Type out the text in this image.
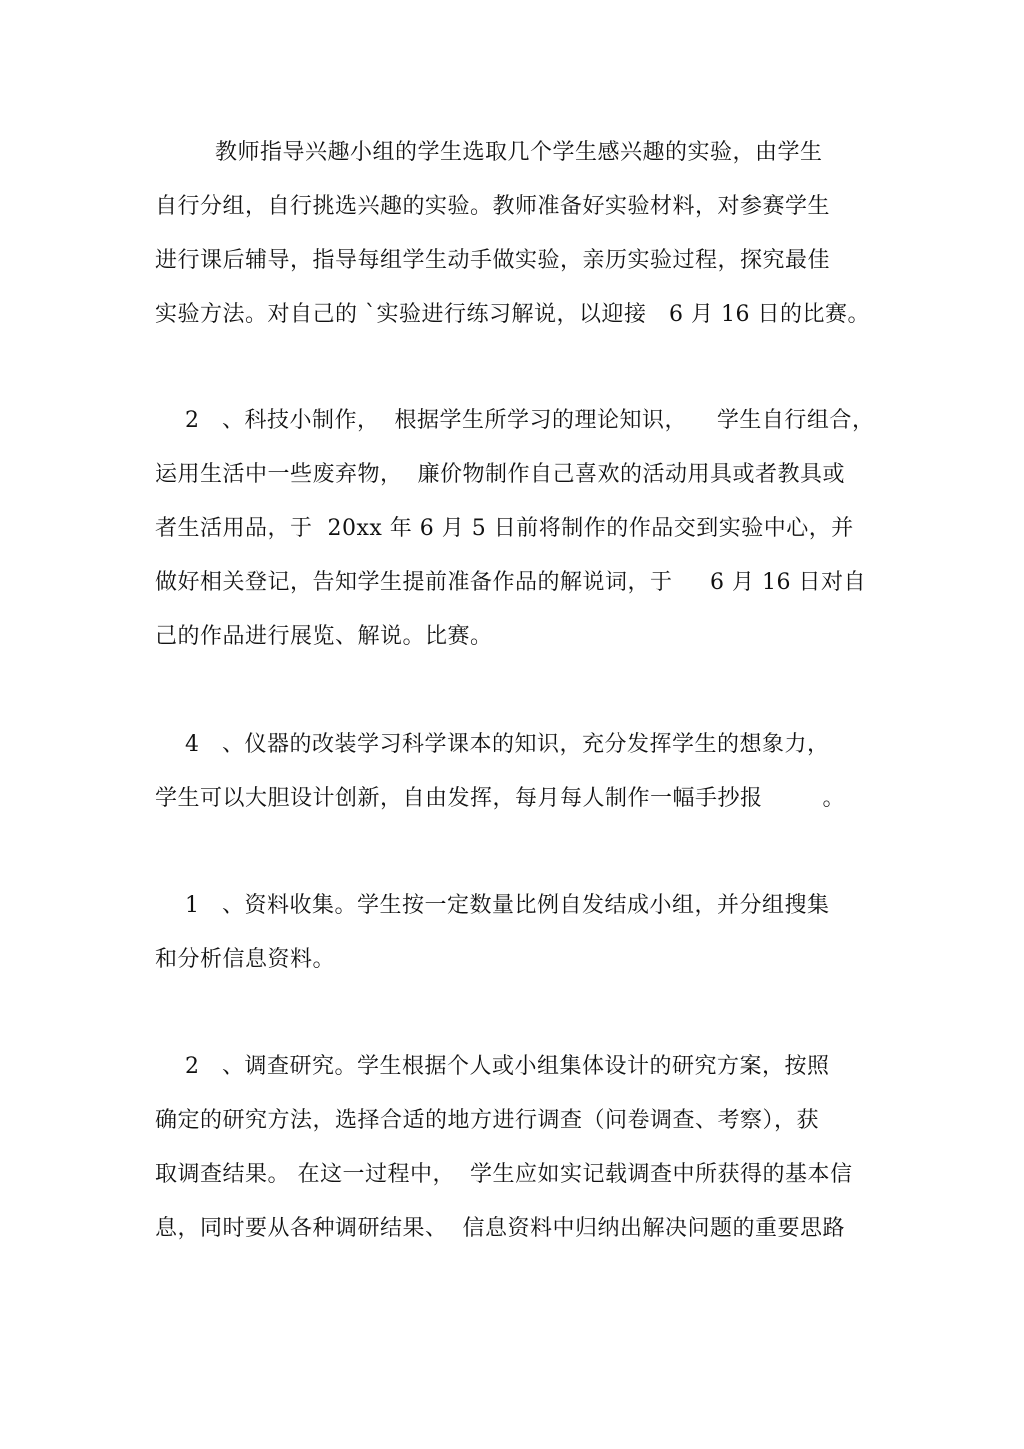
教师指导兴趣小组的学生选取几个学生感兴趣的实验，由学生
自行分组，自行挑选兴趣的实验。教师准备好实验材料，对参赛学生
进行课后辅导，指导每组学生动手做实验，亲历实验过程，探究最佳
实验方法。对自己的 `实验进行练习解说，以迎接   6 月 16 日的比赛。
2   、科技小制作，  根据学生所学习的理论知识，    学生自行组合，
运用生活中一些废弃物，  廉价物制作自己喜欢的活动用具或者教具或
者生活用品，于  20xx 年 6 月 5 日前将制作的作品交到实验中心，并
做好相关登记，告知学生提前准备作品的解说词，于     6 月 16 日对自
己的作品进行展览、解说。比赛。
4   、仪器的改装学习科学课本的知识，充分发挥学生的想象力，
学生可以大胆设计创新，自由发挥，每月每人制作一幅手抄报        。
1   、资料收集。学生按一定数量比例自发结成小组，并分组搜集
和分析信息资料。
2   、调查研究。学生根据个人或小组集体设计的研究方案，按照
确定的研究方法，选择合适的地方进行调查（问卷调查、考察），获
取调查结果。 在这一过程中，  学生应如实记载调查中所获得的基本信
息，同时要从各种调研结果、  信息资料中归纳出解决问题的重要思路
